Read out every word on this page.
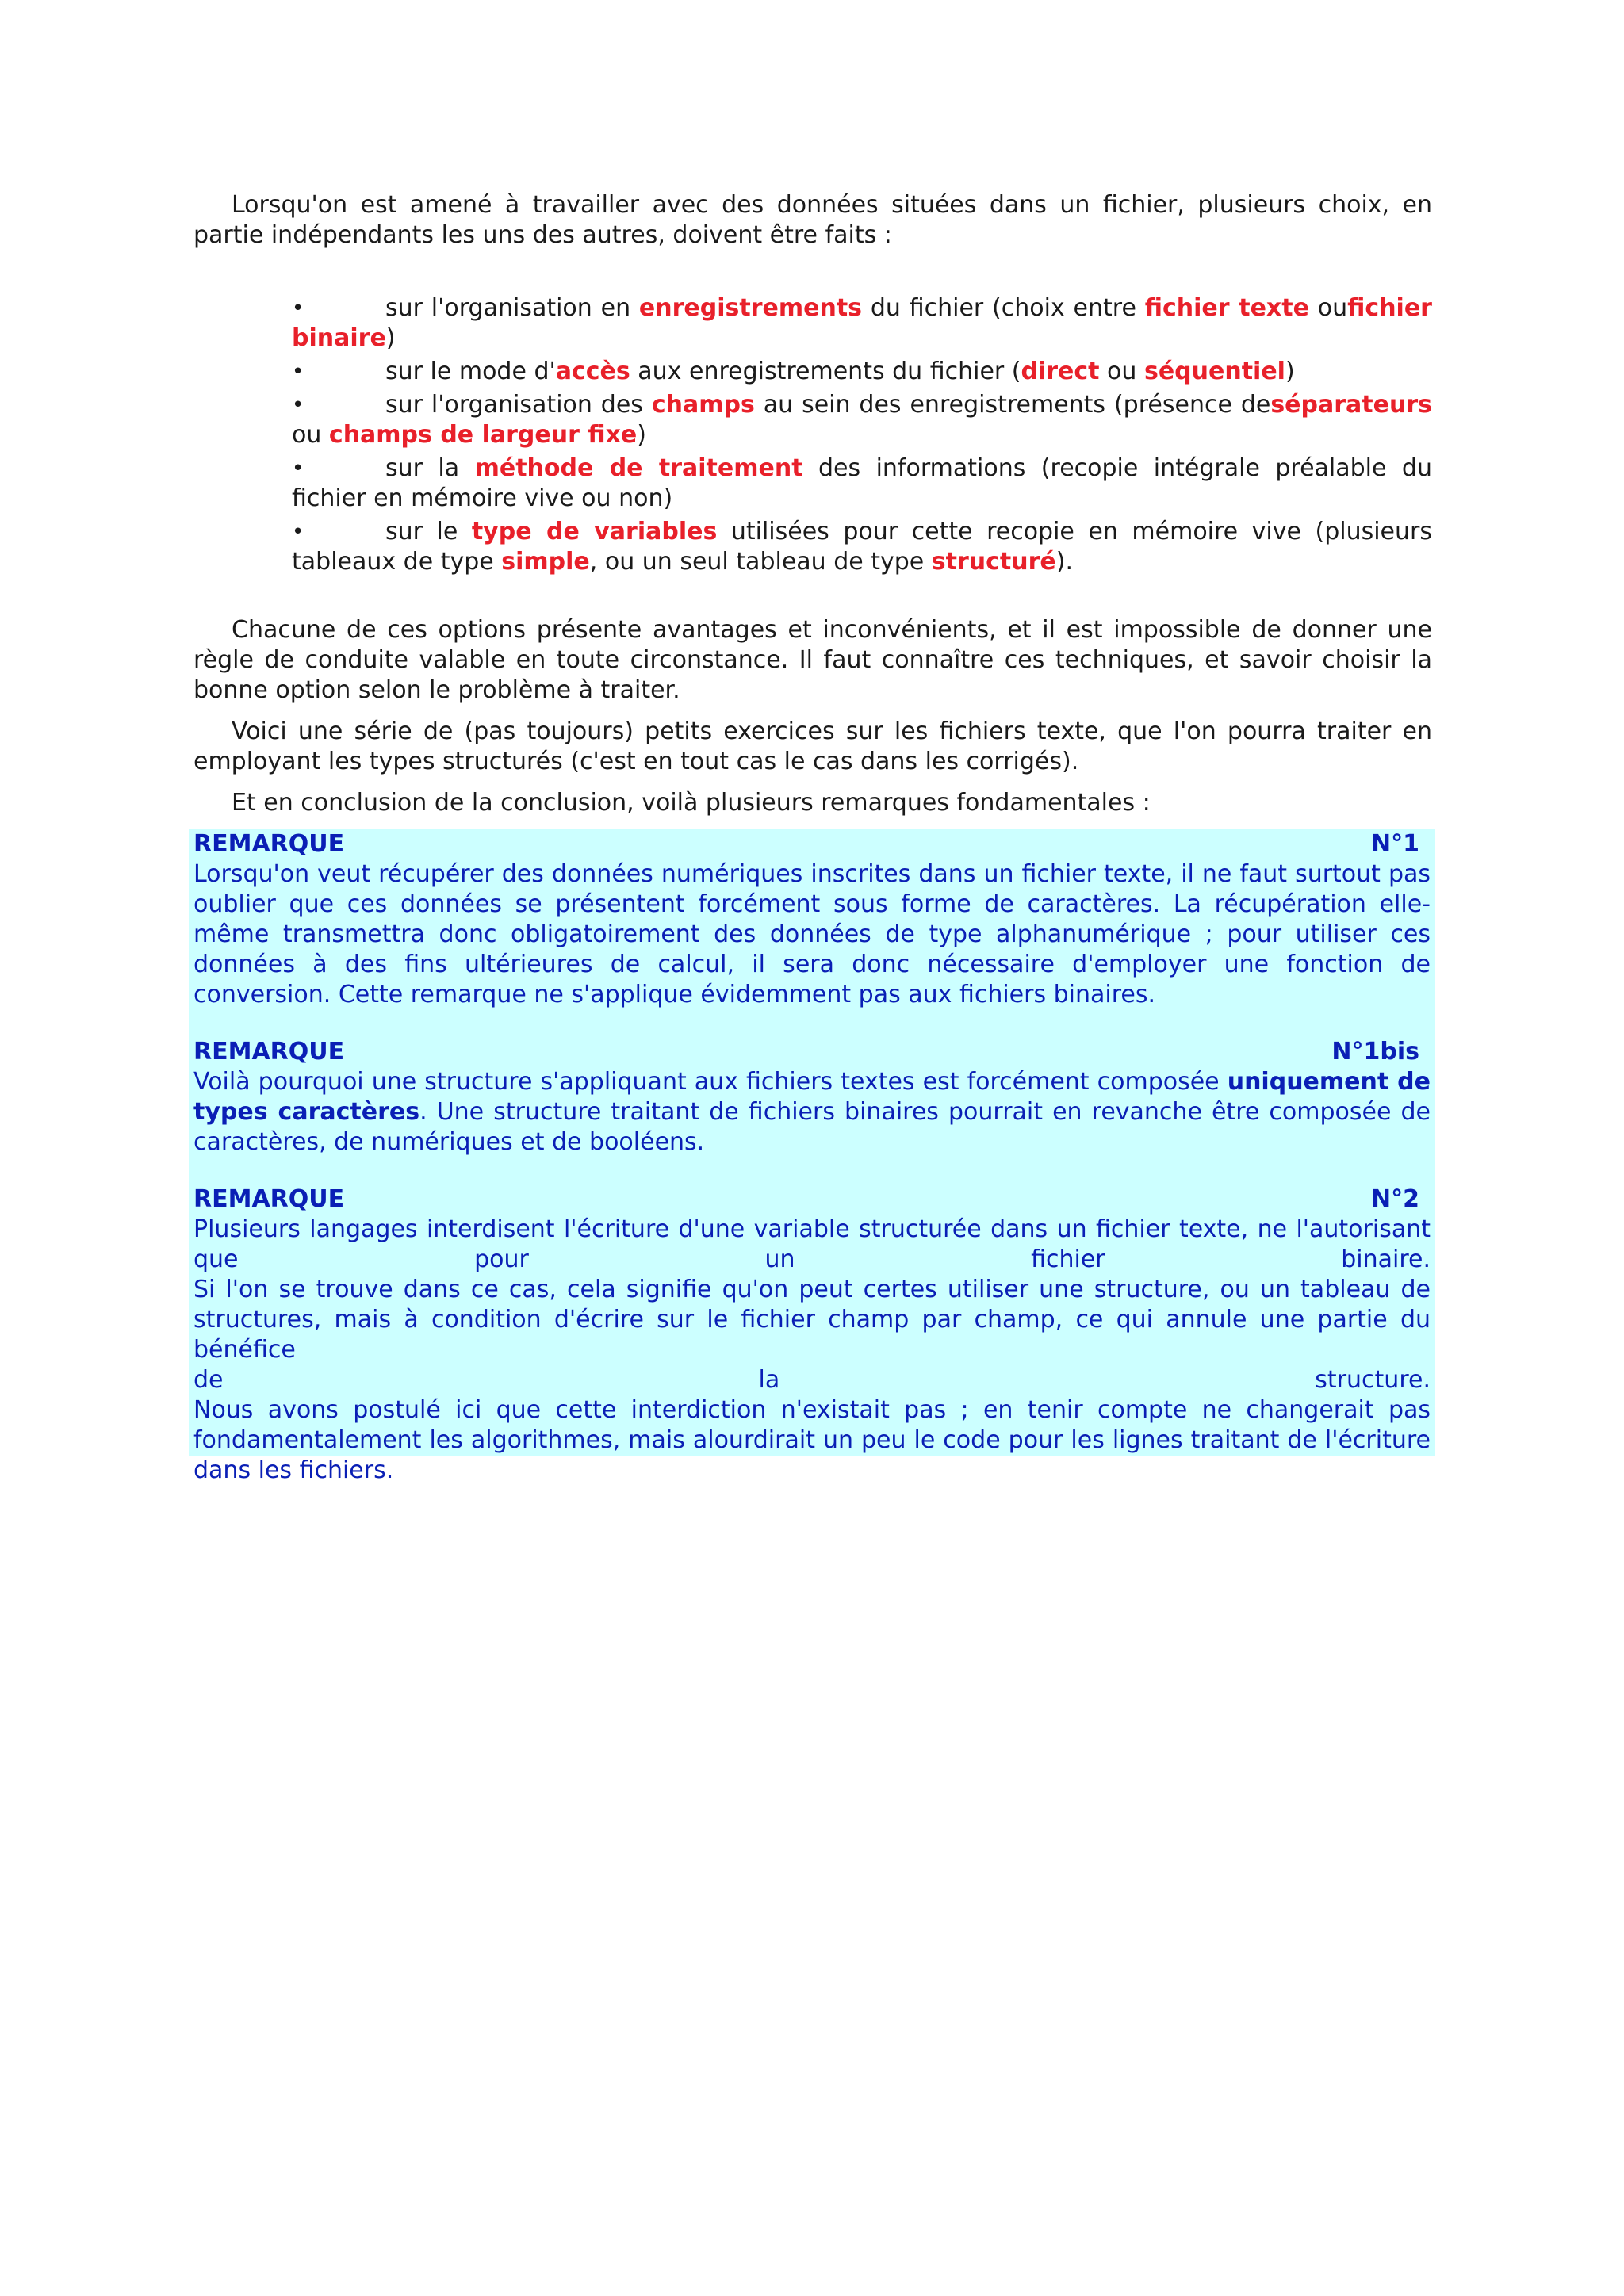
Lorsqu'on est amené à travailler avec des données situées dans un fichier, plusieurs choix, en partie indépendants les uns des autres, doivent être faits :

•	sur l'organisation en enregistrements du fichier (choix entre fichier texte oufichier binaire)
•	sur le mode d'accès aux enregistrements du fichier (direct ou séquentiel)
•	sur l'organisation des champs au sein des enregistrements (présence deséparateurs ou champs de largeur fixe)
•	sur la méthode de traitement des informations (recopie intégrale préalable du fichier en mémoire vive ou non)
•	sur le type de variables utilisées pour cette recopie en mémoire vive (plusieurs tableaux de type simple, ou un seul tableau de type structuré).

Chacune de ces options présente avantages et inconvénients, et il est impossible de donner une règle de conduite valable en toute circonstance. Il faut connaître ces techniques, et savoir choisir la bonne option selon le problème à traiter.

Voici une série de (pas toujours) petits exercices sur les fichiers texte, que l'on pourra traiter en employant les types structurés (c'est en tout cas le cas dans les corrigés).

Et en conclusion de la conclusion, voilà plusieurs remarques fondamentales :

REMARQUE	N°1

Lorsqu'on veut récupérer des données numériques inscrites dans un fichier texte, il ne faut surtout pas oublier que ces données se présentent forcément sous forme de caractères. La récupération elle-même transmettra donc obligatoirement des données de type alphanumérique ; pour utiliser ces données à des fins ultérieures de calcul, il sera donc nécessaire d'employer une fonction de conversion. Cette remarque ne s'applique évidemment pas aux fichiers binaires.

REMARQUE	N°1bis

Voilà pourquoi une structure s'appliquant aux fichiers textes est forcément composée uniquement de types caractères. Une structure traitant de fichiers binaires pourrait en revanche être composée de caractères, de numériques et de booléens.

REMARQUE	N°2

Plusieurs langages interdisent l'écriture d'une variable structurée dans un fichier texte, ne l'autorisant

que pour un fichier binaire.

Si l'on se trouve dans ce cas, cela signifie qu'on peut certes utiliser une structure, ou un tableau de structures, mais à condition d'écrire sur le fichier champ par champ, ce qui annule une partie du bénéfice

de la structure.

Nous avons postulé ici que cette interdiction n'existait pas ; en tenir compte ne changerait pas fondamentalement les algorithmes, mais alourdirait un peu le code pour les lignes traitant de l'écriture dans les fichiers.
